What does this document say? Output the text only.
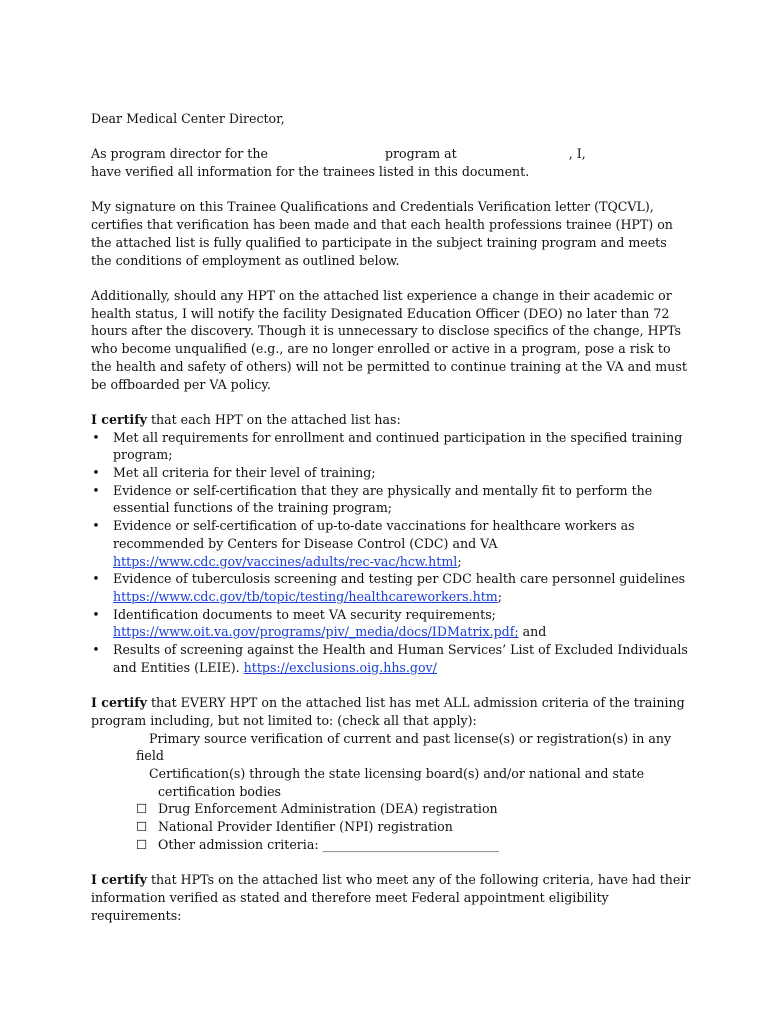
Dear Medical Center Director,

As program director for the	program at	, I,
have verified all information for the trainees listed in this document.

My signature on this Trainee Qualifications and Credentials Verification letter (TQCVL), certifies that verification has been made and that each health professions trainee (HPT) on the attached list is fully qualified to participate in the subject training program and meets the conditions of employment as outlined below.

Additionally, should any HPT on the attached list experience a change in their academic or health status, I will notify the facility Designated Education Officer (DEO) no later than 72 hours after the discovery. Though it is unnecessary to disclose specifics of the change, HPTs who become unqualified (e.g., are no longer enrolled or active in a program, pose a risk to the health and safety of others) will not be permitted to continue training at the VA and must be offboarded per VA policy.

I certify that each HPT on the attached list has:

• Met all requirements for enrollment and continued participation in the specified training program;
• Met all criteria for their level of training;
• Evidence or self-certification that they are physically and mentally fit to perform the essential functions of the training program;
• Evidence or self-certification of up-to-date vaccinations for healthcare workers as recommended by Centers for Disease Control (CDC) and VA
https://www.cdc.gov/vaccines/adults/rec-vac/hcw.html;
• Evidence of tuberculosis screening and testing per CDC health care personnel guidelines
https://www.cdc.gov/tb/topic/testing/healthcareworkers.htm;
• Identification documents to meet VA security requirements;
https://www.oit.va.gov/programs/piv/_media/docs/IDMatrix.pdf; and
• Results of screening against the Health and Human Services’ List of Excluded Individuals and Entities (LEIE). https://exclusions.oig.hhs.gov/

I certify that EVERY HPT on the attached list has met ALL admission criteria of the training program including, but not limited to: (check all that apply):

Primary source verification of current and past license(s) or registration(s) in any
field
Certification(s) through the state licensing board(s) and/or national and state
certification bodies
☐ Drug Enforcement Administration (DEA) registration
☐ National Provider Identifier (NPI) registration
☐ Other admission criteria: ____________________________

I certify that HPTs on the attached list who meet any of the following criteria, have had their information verified as stated and therefore meet Federal appointment eligibility requirements:
